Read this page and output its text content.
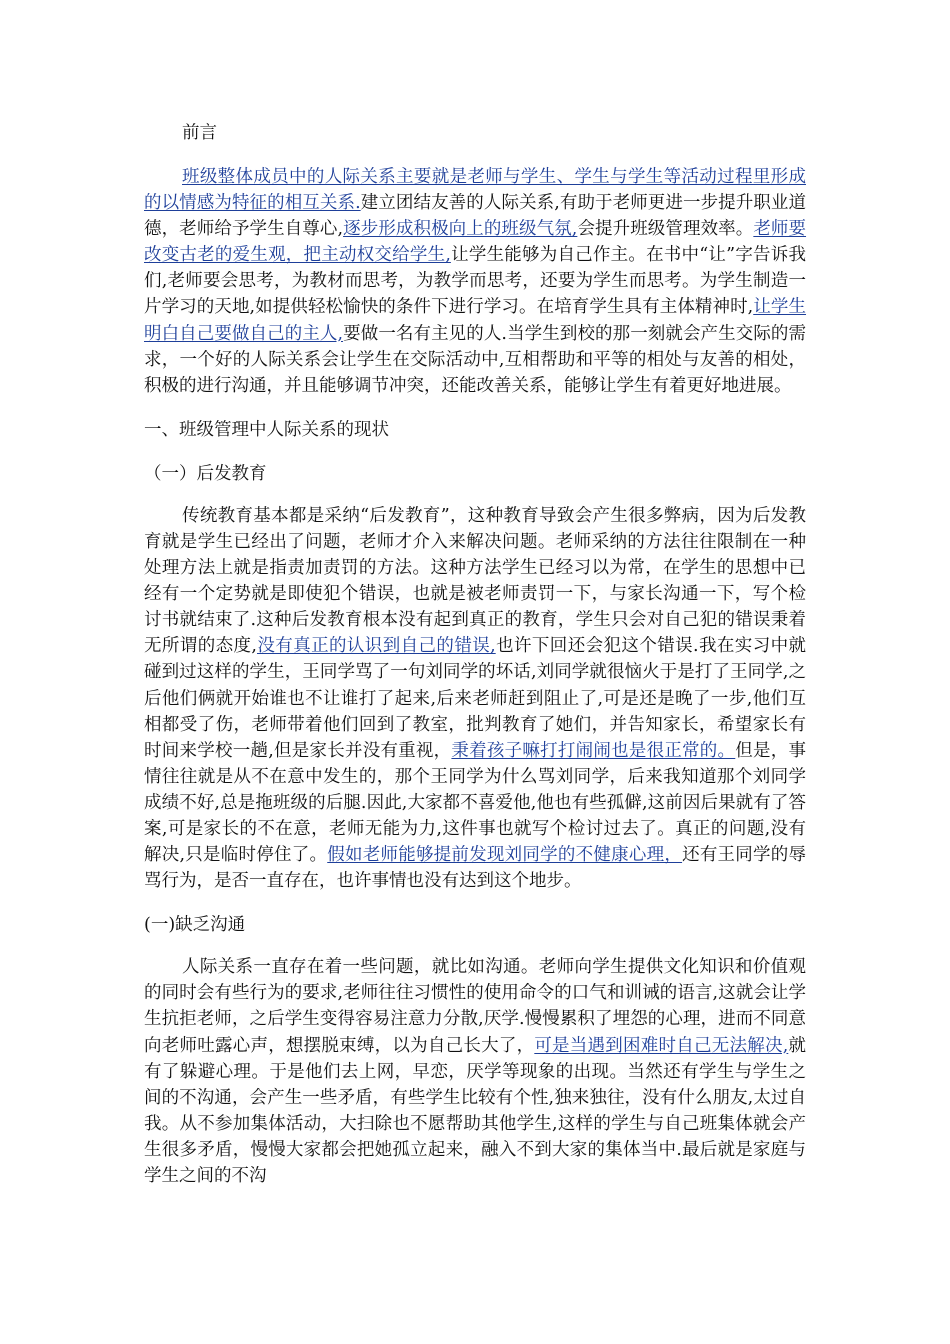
前言

班级整体成员中的人际关系主要就是老师与学生、学生与学生等活动过程里形成的以情感为特征的相互关系.建立团结友善的人际关系,有助于老师更进一步提升职业道德，老师给予学生自尊心,逐步形成积极向上的班级气氛,会提升班级管理效率。老师要改变古老的爱生观，把主动权交给学生,让学生能够为自己作主。在书中“让”字告诉我们,老师要会思考，为教材而思考，为教学而思考，还要为学生而思考。为学生制造一片学习的天地,如提供轻松愉快的条件下进行学习。在培育学生具有主体精神时,让学生明白自己要做自己的主人,要做一名有主见的人.当学生到校的那一刻就会产生交际的需求，一个好的人际关系会让学生在交际活动中,互相帮助和平等的相处与友善的相处，积极的进行沟通，并且能够调节冲突，还能改善关系，能够让学生有着更好地进展。

一、班级管理中人际关系的现状

（一）后发教育

传统教育基本都是采纳“后发教育”，这种教育导致会产生很多弊病，因为后发教育就是学生已经出了问题，老师才介入来解决问题。老师采纳的方法往往限制在一种处理方法上就是指责加责罚的方法。这种方法学生已经习以为常，在学生的思想中已经有一个定势就是即使犯个错误，也就是被老师责罚一下，与家长沟通一下，写个检讨书就结束了.这种后发教育根本没有起到真正的教育，学生只会对自己犯的错误秉着无所谓的态度,没有真正的认识到自己的错误,也许下回还会犯这个错误.我在实习中就碰到过这样的学生，王同学骂了一句刘同学的坏话,刘同学就很恼火于是打了王同学,之后他们俩就开始谁也不让谁打了起来,后来老师赶到阻止了,可是还是晚了一步,他们互相都受了伤，老师带着他们回到了教室，批判教育了她们，并告知家长，希望家长有时间来学校一趟,但是家长并没有重视，秉着孩子嘛打打闹闹也是很正常的。但是，事情往往就是从不在意中发生的，那个王同学为什么骂刘同学，后来我知道那个刘同学成绩不好,总是拖班级的后腿.因此,大家都不喜爱他,他也有些孤僻,这前因后果就有了答案,可是家长的不在意，老师无能为力,这件事也就写个检讨过去了。真正的问题,没有解决,只是临时停住了。假如老师能够提前发现刘同学的不健康心理，还有王同学的辱骂行为，是否一直存在，也许事情也没有达到这个地步。

(一)缺乏沟通

人际关系一直存在着一些问题，就比如沟通。老师向学生提供文化知识和价值观的同时会有些行为的要求,老师往往习惯性的使用命令的口气和训诫的语言,这就会让学生抗拒老师，之后学生变得容易注意力分散,厌学.慢慢累积了埋怨的心理，进而不同意向老师吐露心声，想摆脱束缚，以为自己长大了，可是当遇到困难时自己无法解决,就有了躲避心理。于是他们去上网，早恋，厌学等现象的出现。当然还有学生与学生之间的不沟通，会产生一些矛盾，有些学生比较有个性,独来独往，没有什么朋友,太过自我。从不参加集体活动，大扫除也不愿帮助其他学生,这样的学生与自己班集体就会产生很多矛盾，慢慢大家都会把她孤立起来，融入不到大家的集体当中.最后就是家庭与学生之间的不沟
